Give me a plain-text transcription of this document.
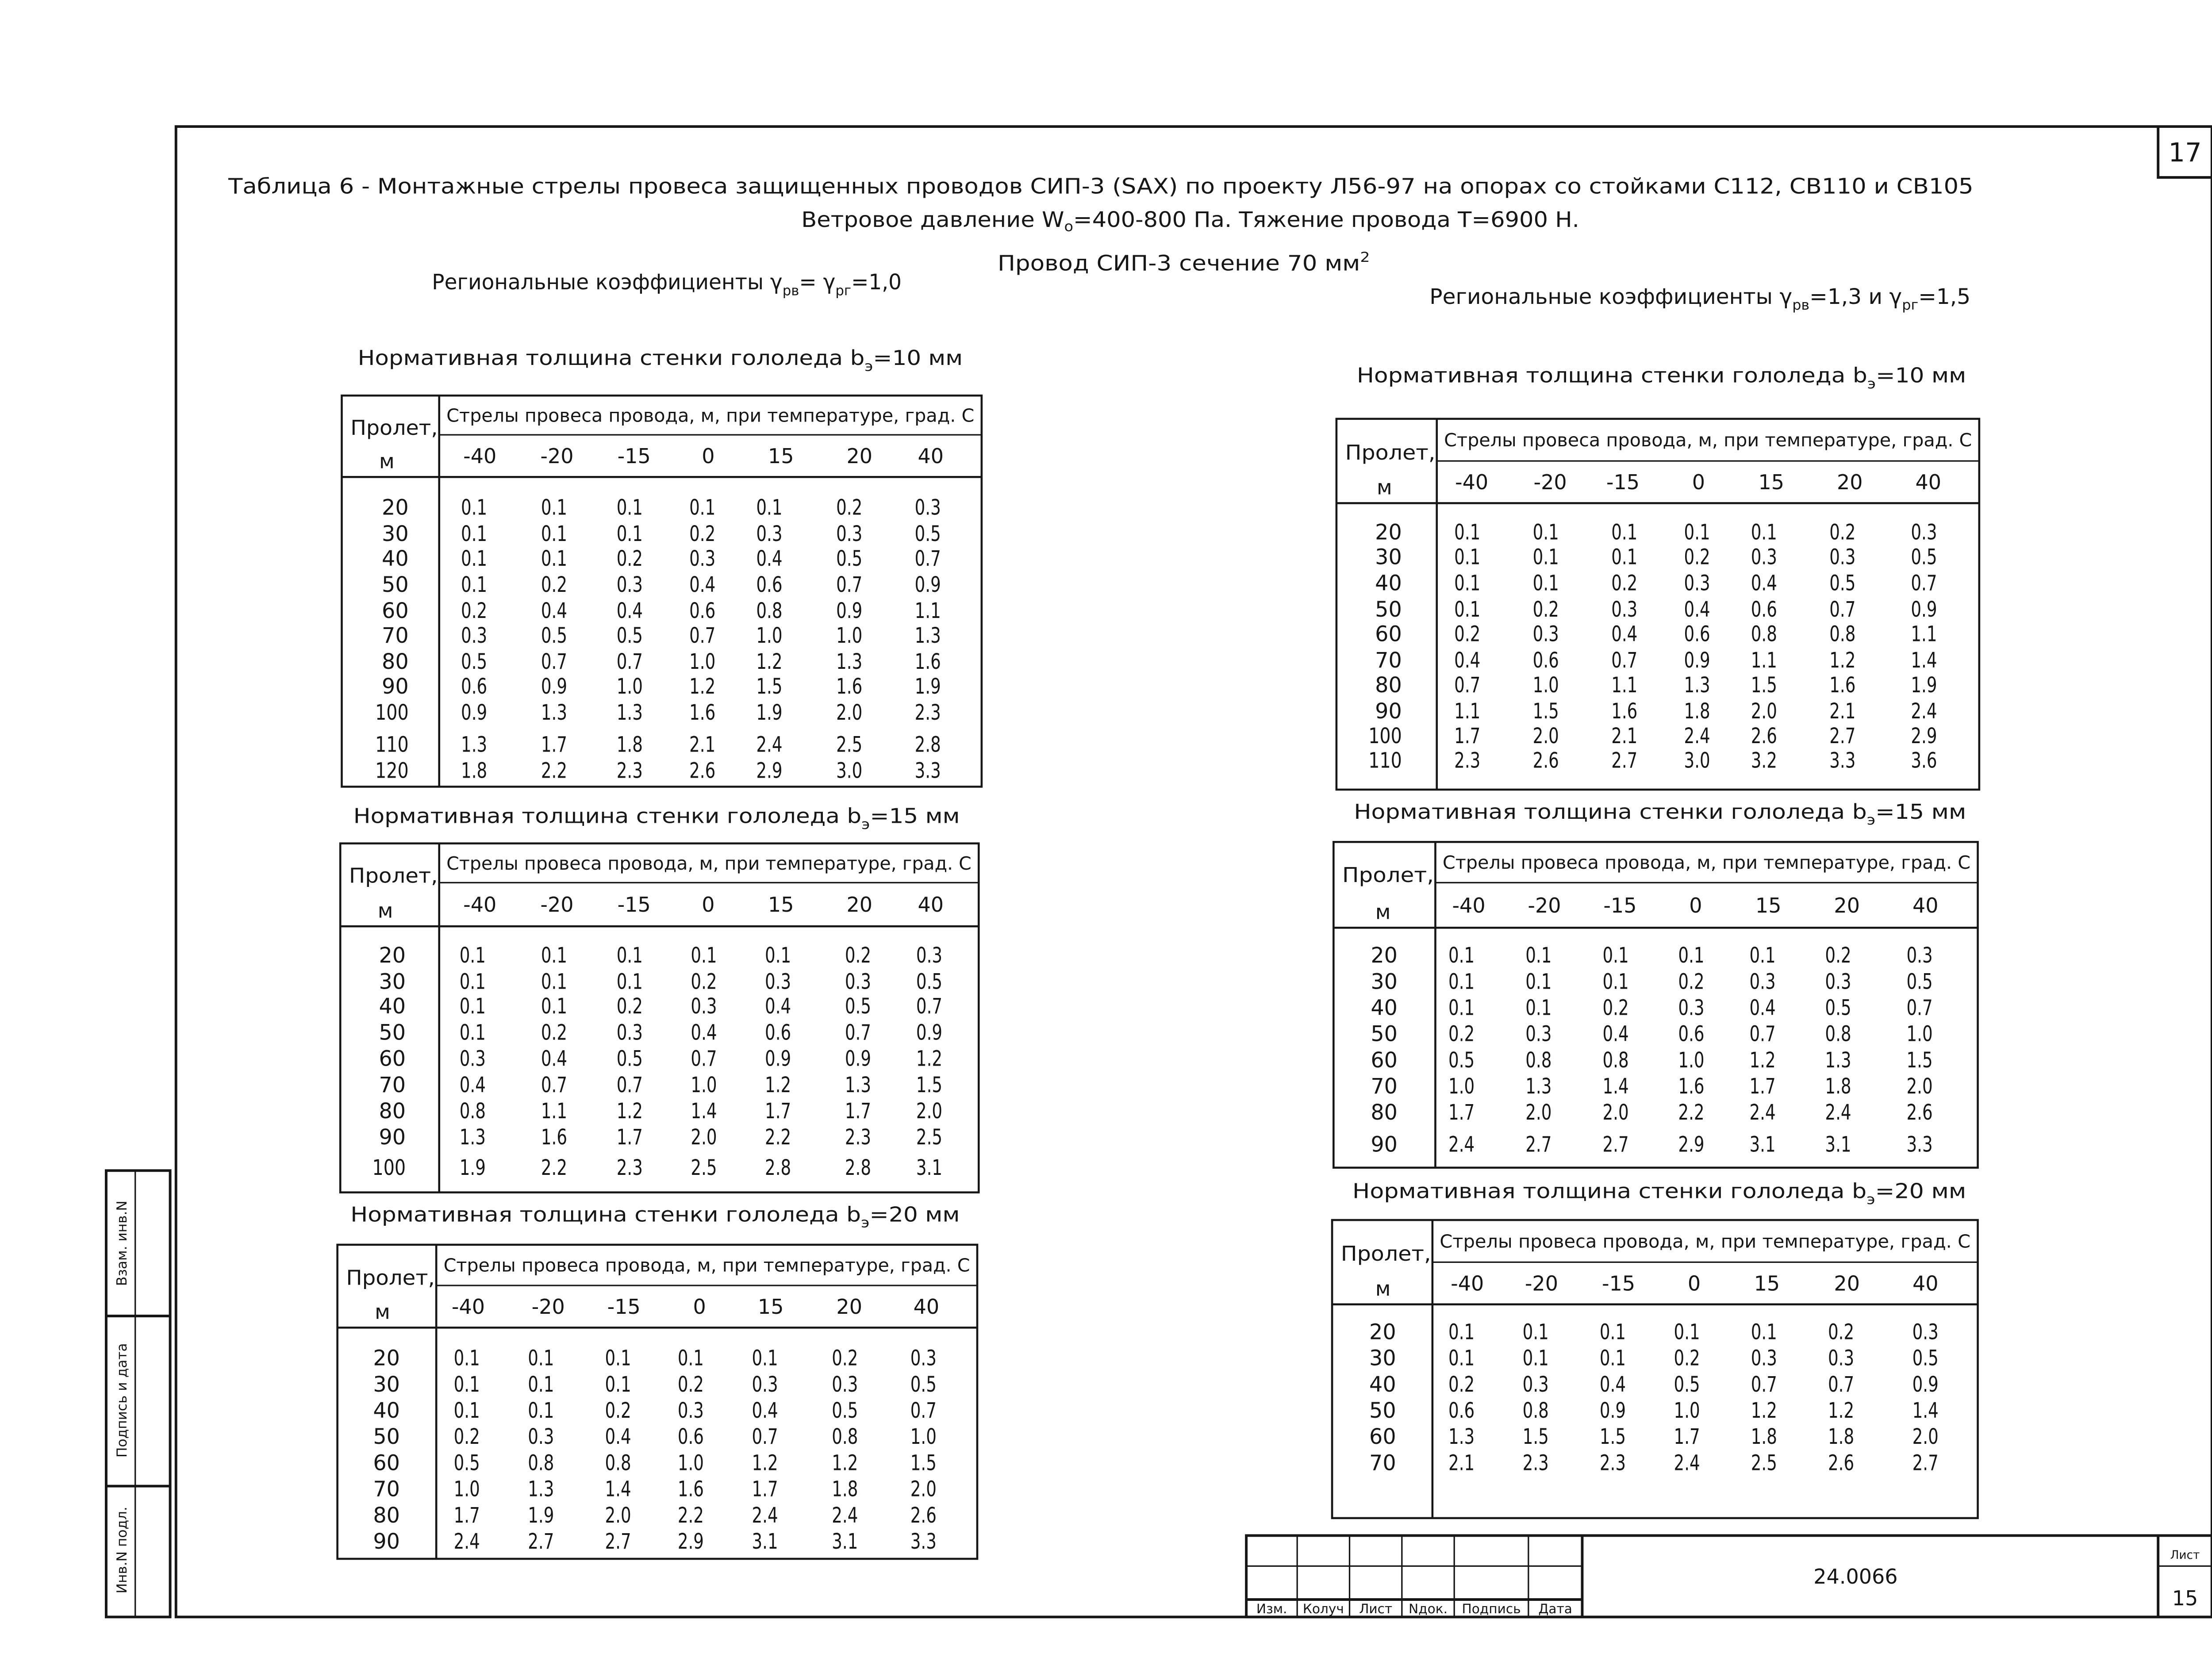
17
Таблица 6 - Монтажные стрелы провеса защищенных проводов СИП-3 (SAX) по проекту Л56-97 на опорах со стойками С112, СВ110 и СВ105
Ветровое давление W	$_o$=400-800 Па. Тяжение провода Т=6900 Н.
Провод СИП-3 сечение 70 мм	$^2$
Региональные коэффициенты $\gamma_{рв}= \gamma_{рг}=1,0$
Региональные коэффициенты γ $_{рв}$=1,3 и γ $_{рг}$=1,5
Нормативная толщина стенки гололеда b	$_э$ =10 мм
Стрелы провеса провода, м, при температуре, град. С
Пролет,
м	-40	-20	-15	0	15	20	40
20	0.1	0.1	0.1	0.1	0.1	0.2	0.3
30	0.1	0.1	0.1	0.2	0.3	0.3	0.5
40	0.1	0.1	0.2	0.3	0.4	0.5	0.7
50	0.1	0.2	0.3	0.4	0.6	0.7	0.9
60	0.2	0.4	0.4	0.6	0.8	0.9	1.1
70	0.3	0.5	0.5	0.7	1.0	1.0	1.3
80	0.5	0.7	0.7	1.0	1.2	1.3	1.6
90	0.6	0.9	1.0	1.2	1.5	1.6	1.9
100	0.9	1.3	1.3	1.6	1.9	2.0	2.3
110	1.3	1.7	1.8	2.1	2.4	2.5	2.8
120	1.8	2.2	2.3	2.6	2.9	3.0	3.3
Нормативная толщина стенки гололеда b	$_э$ =15 мм
Стрелы провеса провода, м, при температуре, град. С
Пролет,
м	-40	-20	-15	0	15	20	40
20	0.1	0.1	0.1	0.1	0.1	0.2	0.3
30	0.1	0.1	0.1	0.2	0.3	0.3	0.5
40	0.1	0.1	0.2	0.3	0.4	0.5	0.7
50	0.1	0.2	0.3	0.4	0.6	0.7	0.9
60	0.3	0.4	0.5	0.7	0.9	0.9	1.2
70	0.4	0.7	0.7	1.0	1.2	1.3	1.5
80	0.8	1.1	1.2	1.4	1.7	1.7	2.0
90	1.3	1.6	1.7	2.0	2.2	2.3	2.5
100	1.9	2.2	2.3	2.5	2.8	2.8	3.1
Нормативная толщина стенки гололеда b	$_э$ =20 мм
Стрелы провеса провода, м, при температуре, град. С
Пролет,
м	-40	-20	-15	0	15	20	40
20	0.1	0.1	0.1	0.1	0.1	0.2	0.3
30	0.1	0.1	0.1	0.2	0.3	0.3	0.5
40	0.1	0.1	0.2	0.3	0.4	0.5	0.7
50	0.2	0.3	0.4	0.6	0.7	0.8	1.0
60	0.5	0.8	0.8	1.0	1.2	1.2	1.5
70	1.0	1.3	1.4	1.6	1.7	1.8	2.0
80	1.7	1.9	2.0	2.2	2.4	2.4	2.6
90	2.4	2.7	2.7	2.9	3.1	3.1	3.3
Нормативная толщина стенки гололеда b	$_э$ =10 мм
Стрелы провеса провода, м, при температуре, град. С
Пролет,
м	-40	-20	-15	0	15	20	40
20	0.1	0.1	0.1	0.1	0.1	0.2	0.3
30	0.1	0.1	0.1	0.2	0.3	0.3	0.5
40	0.1	0.1	0.2	0.3	0.4	0.5	0.7
50	0.1	0.2	0.3	0.4	0.6	0.7	0.9
60	0.2	0.3	0.4	0.6	0.8	0.8	1.1
70	0.4	0.6	0.7	0.9	1.1	1.2	1.4
80	0.7	1.0	1.1	1.3	1.5	1.6	1.9
90	1.1	1.5	1.6	1.8	2.0	2.1	2.4
100	1.7	2.0	2.1	2.4	2.6	2.7	2.9
110	2.3	2.6	2.7	3.0	3.2	3.3	3.6
Нормативная толщина стенки гололеда b	$_э$ =15 мм
Стрелы провеса провода, м, при температуре, град. С
Пролет,
м	-40	-20	-15	0	15	20	40
20	0.1	0.1	0.1	0.1	0.1	0.2	0.3
30	0.1	0.1	0.1	0.2	0.3	0.3	0.5
40	0.1	0.1	0.2	0.3	0.4	0.5	0.7
50	0.2	0.3	0.4	0.6	0.7	0.8	1.0
60	0.5	0.8	0.8	1.0	1.2	1.3	1.5
70	1.0	1.3	1.4	1.6	1.7	1.8	2.0
80	1.7	2.0	2.0	2.2	2.4	2.4	2.6
90	2.4	2.7	2.7	2.9	3.1	3.1	3.3
Нормативная толщина стенки гололеда b	$_э$ =20 мм
Стрелы провеса провода, м, при температуре, град. С
Пролет,
м	-40	-20	-15	0	15	20	40
20	0.1	0.1	0.1	0.1	0.1	0.2	0.3
30	0.1	0.1	0.1	0.2	0.3	0.3	0.5
40	0.2	0.3	0.4	0.5	0.7	0.7	0.9
50	0.6	0.8	0.9	1.0	1.2	1.2	1.4
60	1.3	1.5	1.5	1.7	1.8	1.8	2.0
70	2.1	2.3	2.3	2.4	2.5	2.6	2.7
Взам. инв.N
Подпись и дата
Инв.N подл.
Изм.	Колуч	Лист	Nдок.	Подпись	Дата
24.0066
Лист
15
